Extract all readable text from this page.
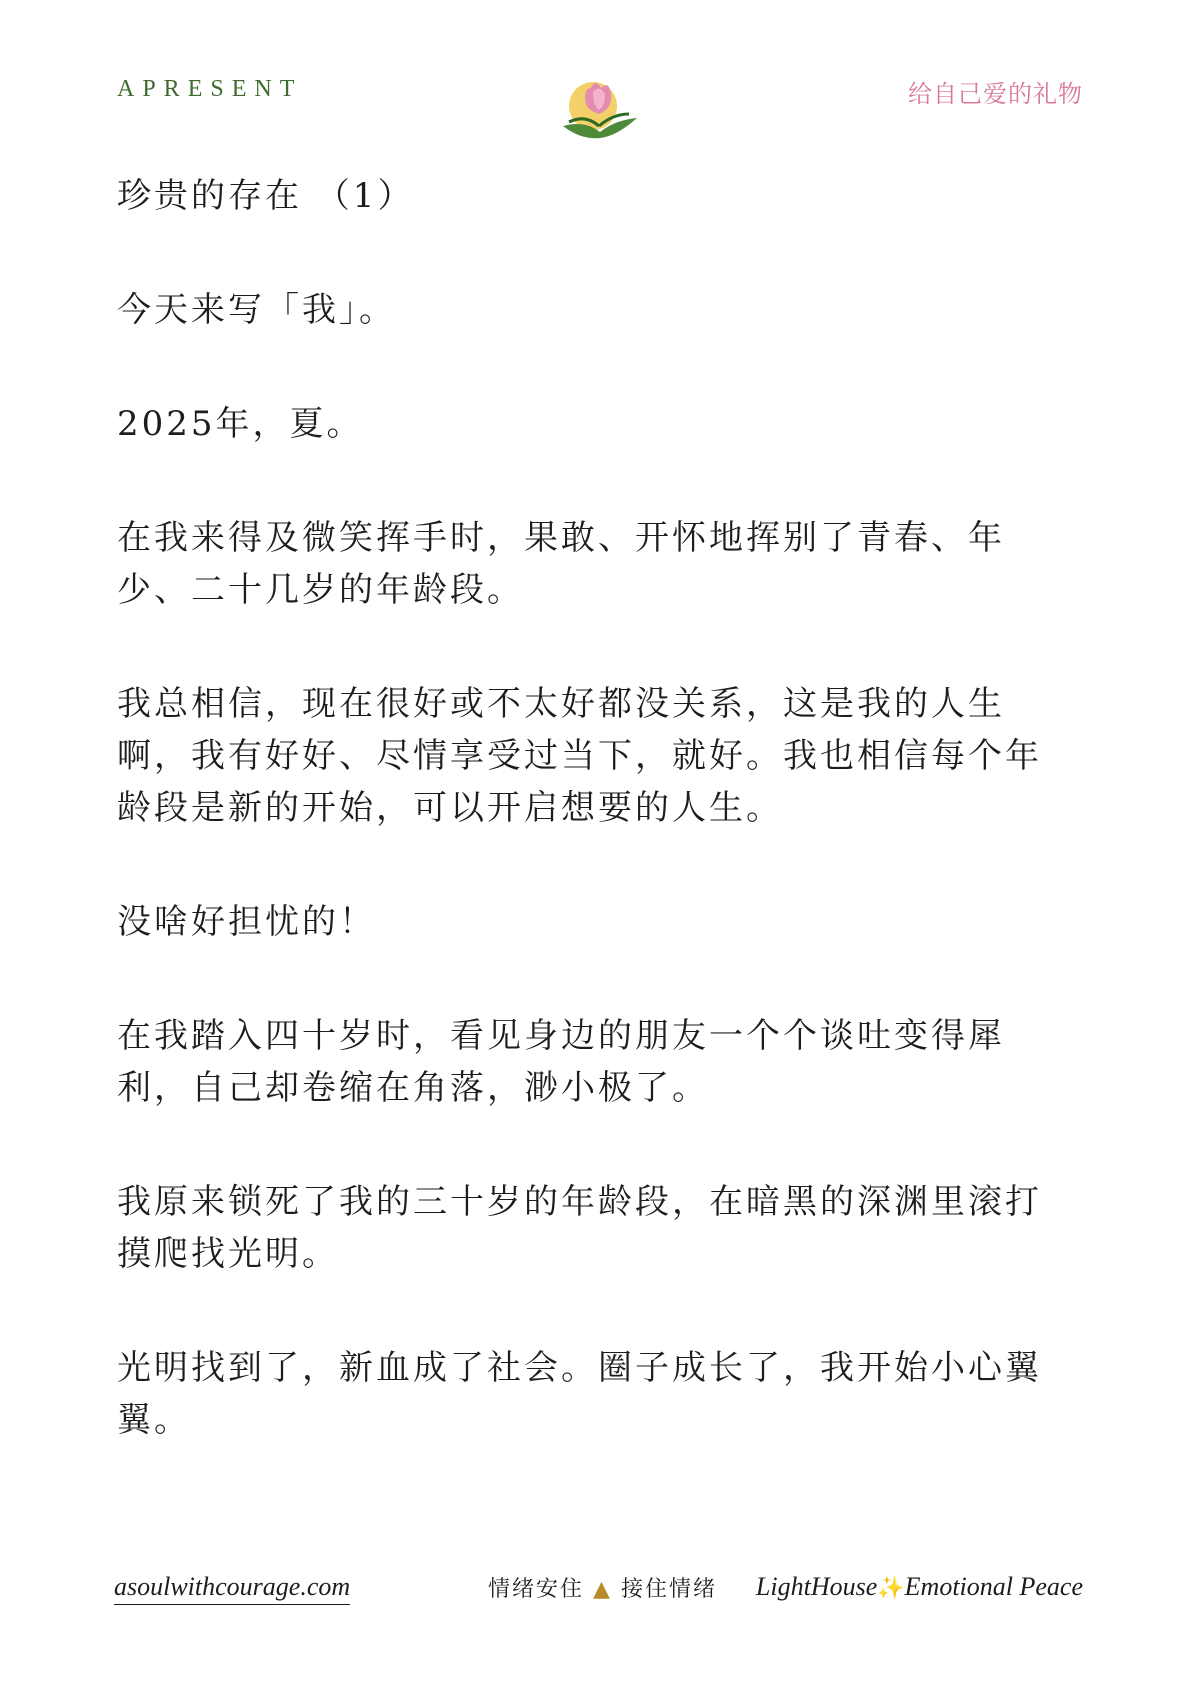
APRESENT	给自己爱的礼物
珍贵的存在 （1）

今天来写「我」。

2025年，夏。

在我来得及微笑挥手时，果敢、开怀地挥别了青春、年少、二十几岁的年龄段。

我总相信，现在很好或不太好都没关系，这是我的人生啊，我有好好、尽情享受过当下，就好。我也相信每个年龄段是新的开始，可以开启想要的人生。

没啥好担忧的！

在我踏入四十岁时，看见身边的朋友一个个谈吐变得犀利，自己却卷缩在角落，渺小极了。

我原来锁死了我的三十岁的年龄段，在暗黑的深渊里滚打摸爬找光明。

光明找到了，新血成了社会。圈子成长了，我开始小心翼翼。

asoulwithcourage.com	情绪安住 ▲ 接住情绪 LightHouse✨Emotional Peace
